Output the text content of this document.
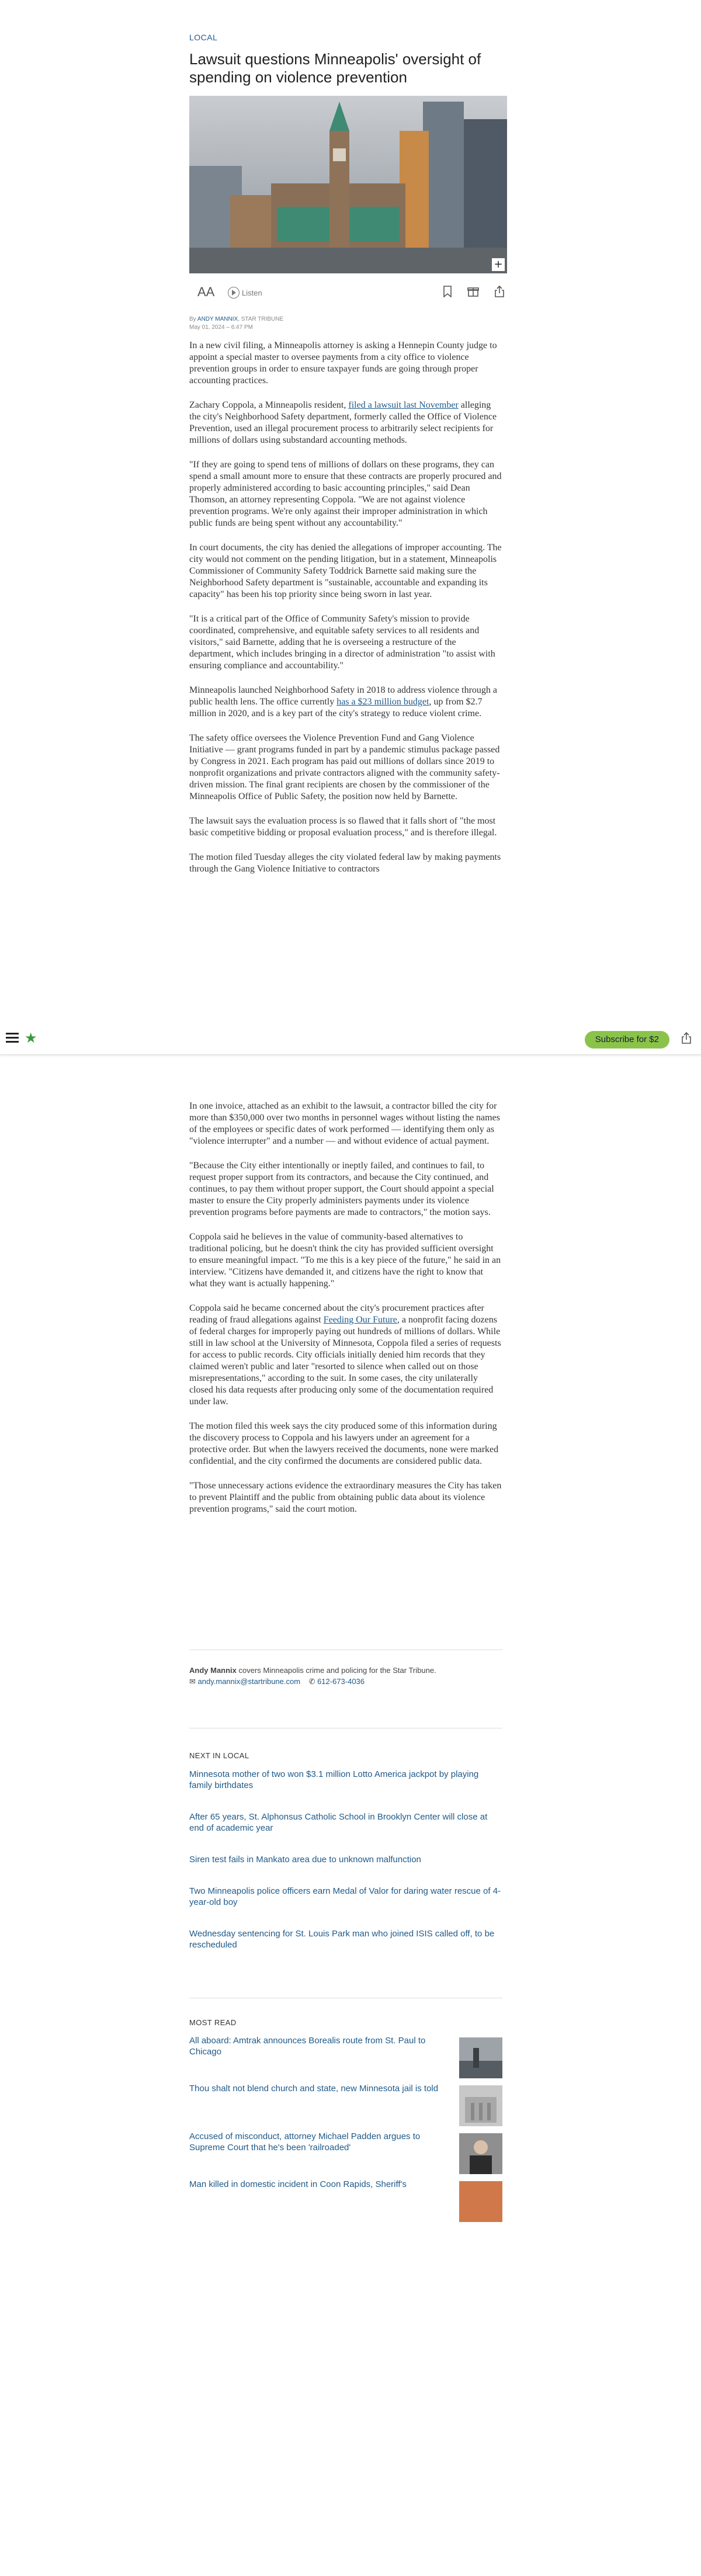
LOCAL
Lawsuit questions Minneapolis' oversight of spending on violence prevention
+
AA	Listen
By ANDY MANNIX, STAR TRIBUNE
May 01, 2024 – 6:47 PM

In a new civil filing, a Minneapolis attorney is asking a Hennepin County judge to appoint a special master to oversee payments from a city office to violence prevention groups in order to ensure taxpayer funds are going through proper accounting practices.

Zachary Coppola, a Minneapolis resident, filed a lawsuit last November alleging the city's Neighborhood Safety department, formerly called the Office of Violence Prevention, used an illegal procurement process to arbitrarily select recipients for millions of dollars using substandard accounting methods.

"If they are going to spend tens of millions of dollars on these programs, they can spend a small amount more to ensure that these contracts are properly procured and properly administered according to basic accounting principles," said Dean Thomson, an attorney representing Coppola. "We are not against violence prevention programs. We're only against their improper administration in which public funds are being spent without any accountability."

In court documents, the city has denied the allegations of improper accounting. The city would not comment on the pending litigation, but in a statement, Minneapolis Commissioner of Community Safety Toddrick Barnette said making sure the Neighborhood Safety department is "sustainable, accountable and expanding its capacity" has been his top priority since being sworn in last year.

"It is a critical part of the Office of Community Safety's mission to provide coordinated, comprehensive, and equitable safety services to all residents and visitors," said Barnette, adding that he is overseeing a restructure of the department, which includes bringing in a director of administration "to assist with ensuring compliance and accountability."

Minneapolis launched Neighborhood Safety in 2018 to address violence through a public health lens. The office currently has a $23 million budget, up from $2.7 million in 2020, and is a key part of the city's strategy to reduce violent crime.

The safety office oversees the Violence Prevention Fund and Gang Violence Initiative — grant programs funded in part by a pandemic stimulus package passed by Congress in 2021. Each program has paid out millions of dollars since 2019 to nonprofit organizations and private contractors aligned with the community safety-driven mission. The final grant recipients are chosen by the commissioner of the Minneapolis Office of Public Safety, the position now held by Barnette.

The lawsuit says the evaluation process is so flawed that it falls short of "the most basic competitive bidding or proposal evaluation process," and is therefore illegal.

The motion filed Tuesday alleges the city violated federal law by making payments through the Gang Violence Initiative to contractors

★	Subscribe for $2

In one invoice, attached as an exhibit to the lawsuit, a contractor billed the city for more than $350,000 over two months in personnel wages without listing the names of the employees or specific dates of work performed — identifying them only as "violence interrupter" and a number — and without evidence of actual payment.

"Because the City either intentionally or ineptly failed, and continues to fail, to request proper support from its contractors, and because the City continued, and continues, to pay them without proper support, the Court should appoint a special master to ensure the City properly administers payments under its violence prevention programs before payments are made to contractors," the motion says.

Coppola said he believes in the value of community-based alternatives to traditional policing, but he doesn't think the city has provided sufficient oversight to ensure meaningful impact. "To me this is a key piece of the future," he said in an interview. "Citizens have demanded it, and citizens have the right to know that what they want is actually happening."

Coppola said he became concerned about the city's procurement practices after reading of fraud allegations against Feeding Our Future, a nonprofit facing dozens of federal charges for improperly paying out hundreds of millions of dollars. While still in law school at the University of Minnesota, Coppola filed a series of requests for access to public records. City officials initially denied him records that they claimed weren't public and later "resorted to silence when called out on those misrepresentations," according to the suit. In some cases, the city unilaterally closed his data requests after producing only some of the documentation required under law.

The motion filed this week says the city produced some of this information during the discovery process to Coppola and his lawyers under an agreement for a protective order. But when the lawyers received the documents, none were marked confidential, and the city confirmed the documents are considered public data.

"Those unnecessary actions evidence the extraordinary measures the City has taken to prevent Plaintiff and the public from obtaining public data about its violence prevention programs," said the court motion.

Andy Mannix covers Minneapolis crime and policing for the Star Tribune.
✉ andy.mannix@startribune.com ✆ 612-673-4036
NEXT IN LOCAL
Minnesota mother of two won $3.1 million Lotto America jackpot by playing family birthdates
After 65 years, St. Alphonsus Catholic School in Brooklyn Center will close at end of academic year
Siren test fails in Mankato area due to unknown malfunction
Two Minneapolis police officers earn Medal of Valor for daring water rescue of 4-year-old boy
Wednesday sentencing for St. Louis Park man who joined ISIS called off, to be rescheduled
MOST READ
All aboard: Amtrak announces Borealis route from St. Paul to Chicago
Thou shalt not blend church and state, new Minnesota jail is told
Accused of misconduct, attorney Michael Padden argues to Supreme Court that he's been 'railroaded'
Man killed in domestic incident in Coon Rapids, Sheriff's
